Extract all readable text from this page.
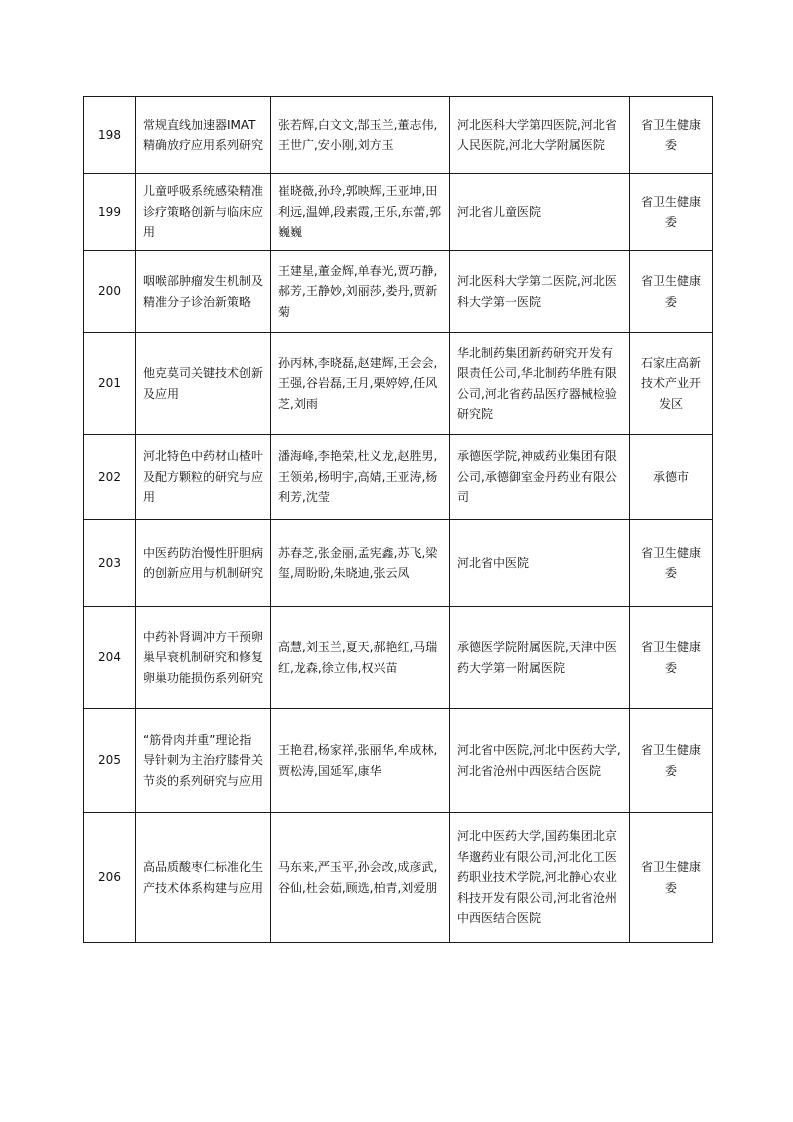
198	常规直线加速器IMAT精确放疗应用系列研究	张若辉,白文文,郜玉兰,董志伟,王世广,安小刚,刘方玉	河北医科大学第四医院,河北省人民医院,河北大学附属医院	省卫生健康委
199	儿童呼吸系统感染精准诊疗策略创新与临床应用	崔晓薇,孙玲,郭映辉,王亚坤,田利远,温婵,段素霞,王乐,东蕾,郭巍巍	河北省儿童医院	省卫生健康委
200	咽喉部肿瘤发生机制及精准分子诊治新策略	王建星,董金辉,单春光,贾巧静,郝芳,王静妙,刘丽莎,娄丹,贾新菊	河北医科大学第二医院,河北医科大学第一医院	省卫生健康委
201	他克莫司关键技术创新及应用	孙丙林,李晓磊,赵建辉,王会会,王强,谷岩磊,王月,栗婷婷,任风芝,刘雨	华北制药集团新药研究开发有限责任公司,华北制药华胜有限公司,河北省药品医疗器械检验研究院	石家庄高新技术产业开发区
202	河北特色中药材山楂叶及配方颗粒的研究与应用	潘海峰,李艳荣,杜义龙,赵胜男,王领弟,杨明宇,高婧,王亚涛,杨利芳,沈莹	承德医学院,神威药业集团有限公司,承德御室金丹药业有限公司	承德市
203	中医药防治慢性肝胆病的创新应用与机制研究	苏春芝,张金丽,孟宪鑫,苏飞,梁玺,周盼盼,朱晓迪,张云凤	河北省中医院	省卫生健康委
204	中药补肾调冲方干预卵巢早衰机制研究和修复卵巢功能损伤系列研究	高慧,刘玉兰,夏天,郝艳红,马瑞红,龙森,徐立伟,权兴苗	承德医学院附属医院,天津中医药大学第一附属医院	省卫生健康委
205	“筋骨肉并重”理论指导针刺为主治疗膝骨关节炎的系列研究与应用	王艳君,杨家祥,张丽华,牟成林,贾松涛,国延军,康华	河北省中医院,河北中医药大学,河北省沧州中西医结合医院	省卫生健康委
206	高品质酸枣仁标准化生产技术体系构建与应用	马东来,严玉平,孙会改,成彦武,谷仙,杜会茹,顾选,柏青,刘爱朋	河北中医药大学,国药集团北京华邈药业有限公司,河北化工医药职业技术学院,河北静心农业科技开发有限公司,河北省沧州中西医结合医院	省卫生健康委
